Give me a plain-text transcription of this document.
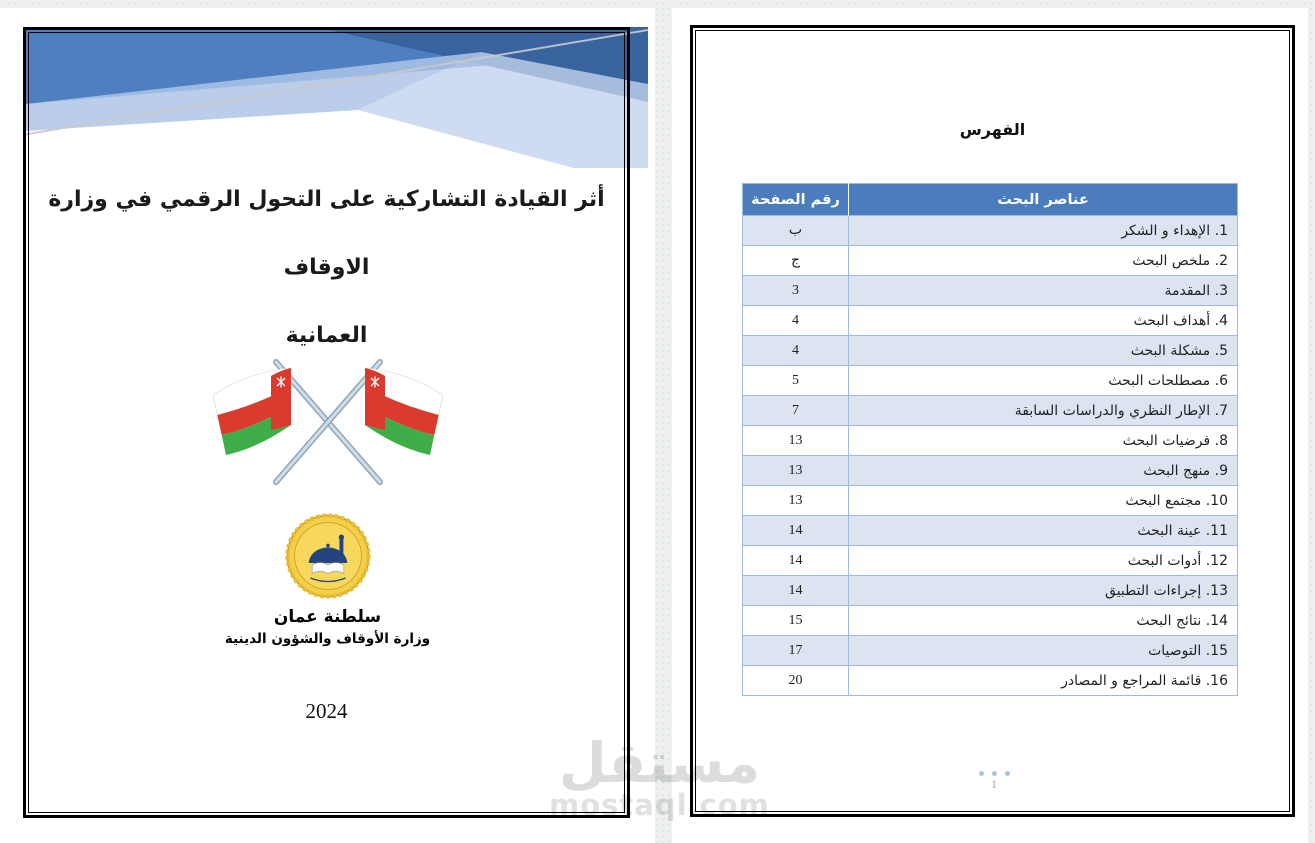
أثر القيادة التشاركية على التحول الرقمي في وزارة الاوقاف
العمانية
سلطنة عمان
وزارة الأوقاف والشؤون الدينية
2024
الفهرس
عناصر البحث	رقم الصفحة
1. الإهداء و الشكر	ب
2. ملخص البحث	ج
3. المقدمة	3
4. أهداف البحث	4
5. مشكلة البحث	4
6. مصطلحات البحث	5
7. الإطار النظري والدراسات السابقة	7
8. فرضيات البحث	13
9. منهج البحث	13
10. مجتمع البحث	13
11. عينة البحث	14
12. أدوات البحث	14
13. إجراءات التطبيق	14
14. نتائج البحث	15
15. التوصيات	17
16. قائمة المراجع و المصادر	20
1
مستقل
mostaql.com
